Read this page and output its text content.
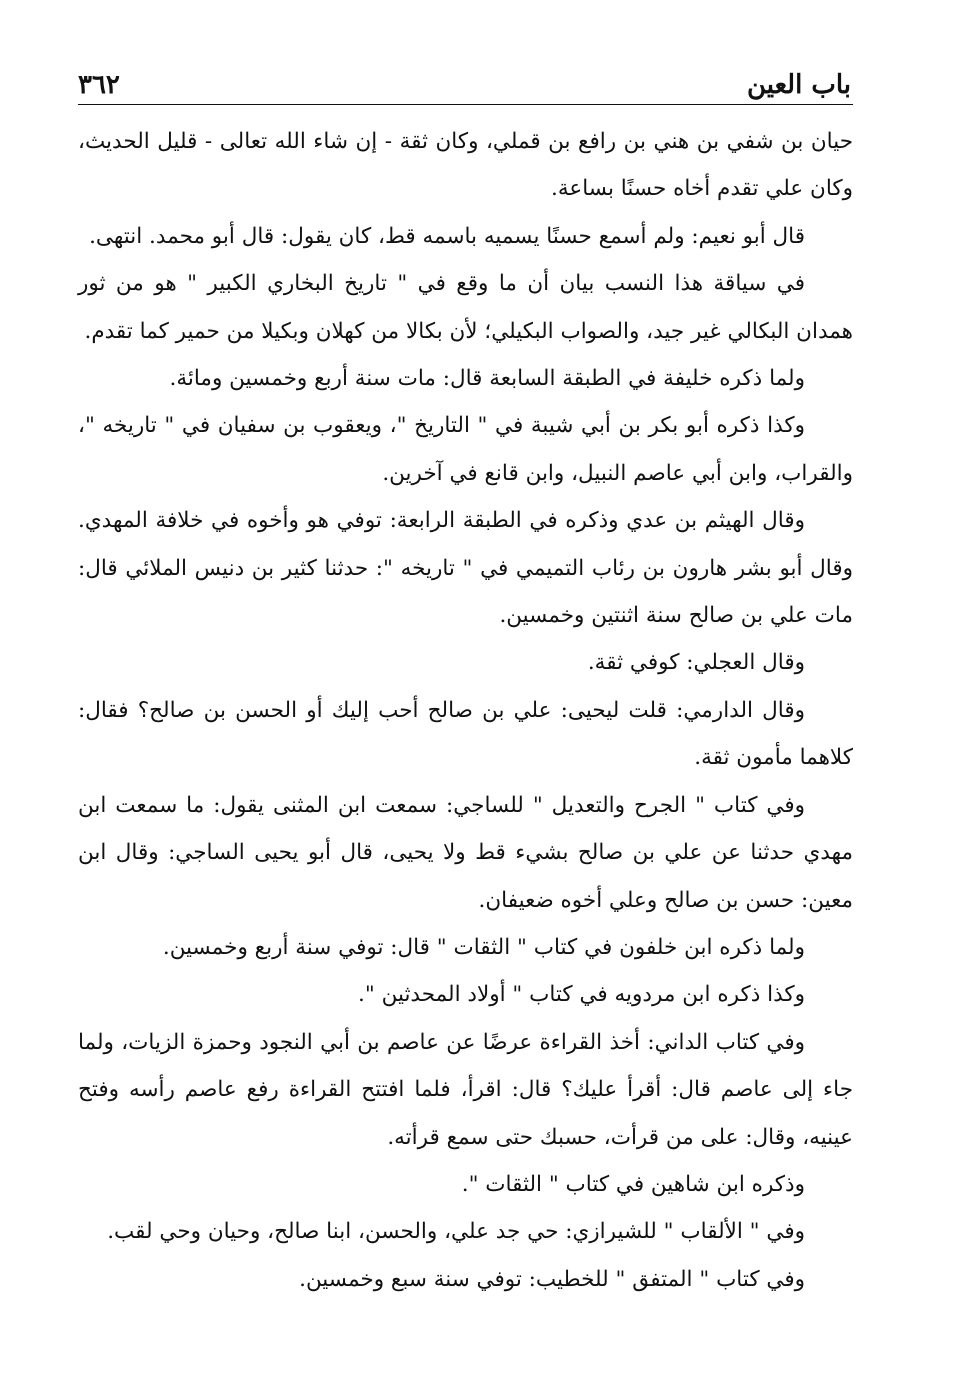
٣٦٢	باب العين

حيان بن شفي بن هني بن رافع بن قملي، وكان ثقة - إن شاء الله تعالى - قليل الحديث، وكان علي تقدم أخاه حسنًا بساعة.

قال أبو نعيم: ولم أسمع حسنًا يسميه باسمه قط، كان يقول: قال أبو محمد. انتهى.

في سياقة هذا النسب بيان أن ما وقع في " تاريخ البخاري الكبير " هو من ثور همدان البكالي غير جيد، والصواب البكيلي؛ لأن بكالا من كهلان وبكيلا من حمير كما تقدم.

ولما ذكره خليفة في الطبقة السابعة قال: مات سنة أربع وخمسين ومائة.

وكذا ذكره أبو بكر بن أبي شيبة في " التاريخ "، ويعقوب بن سفيان في " تاريخه "، والقراب، وابن أبي عاصم النبيل، وابن قانع في آخرين.

وقال الهيثم بن عدي وذكره في الطبقة الرابعة: توفي هو وأخوه في خلافة المهدي. وقال أبو بشر هارون بن رئاب التميمي في " تاريخه ": حدثنا كثير بن دنيس الملائي قال: مات علي بن صالح سنة اثنتين وخمسين.

وقال العجلي: كوفي ثقة.

وقال الدارمي: قلت ليحيى: علي بن صالح أحب إليك أو الحسن بن صالح؟ فقال: كلاهما مأمون ثقة.

وفي كتاب " الجرح والتعديل " للساجي: سمعت ابن المثنى يقول: ما سمعت ابن مهدي حدثنا عن علي بن صالح بشيء قط ولا يحيى، قال أبو يحيى الساجي: وقال ابن معين: حسن بن صالح وعلي أخوه ضعيفان.

ولما ذكره ابن خلفون في كتاب " الثقات " قال: توفي سنة أربع وخمسين.

وكذا ذكره ابن مردويه في كتاب " أولاد المحدثين ".

وفي كتاب الداني: أخذ القراءة عرضًا عن عاصم بن أبي النجود وحمزة الزيات، ولما جاء إلى عاصم قال: أقرأ عليك؟ قال: اقرأ، فلما افتتح القراءة رفع عاصم رأسه وفتح عينيه، وقال: على من قرأت، حسبك حتى سمع قرأته.

وذكره ابن شاهين في كتاب " الثقات ".

وفي " الألقاب " للشيرازي: حي جد علي، والحسن، ابنا صالح، وحيان وحي لقب.

وفي كتاب " المتفق " للخطيب: توفي سنة سبع وخمسين.
